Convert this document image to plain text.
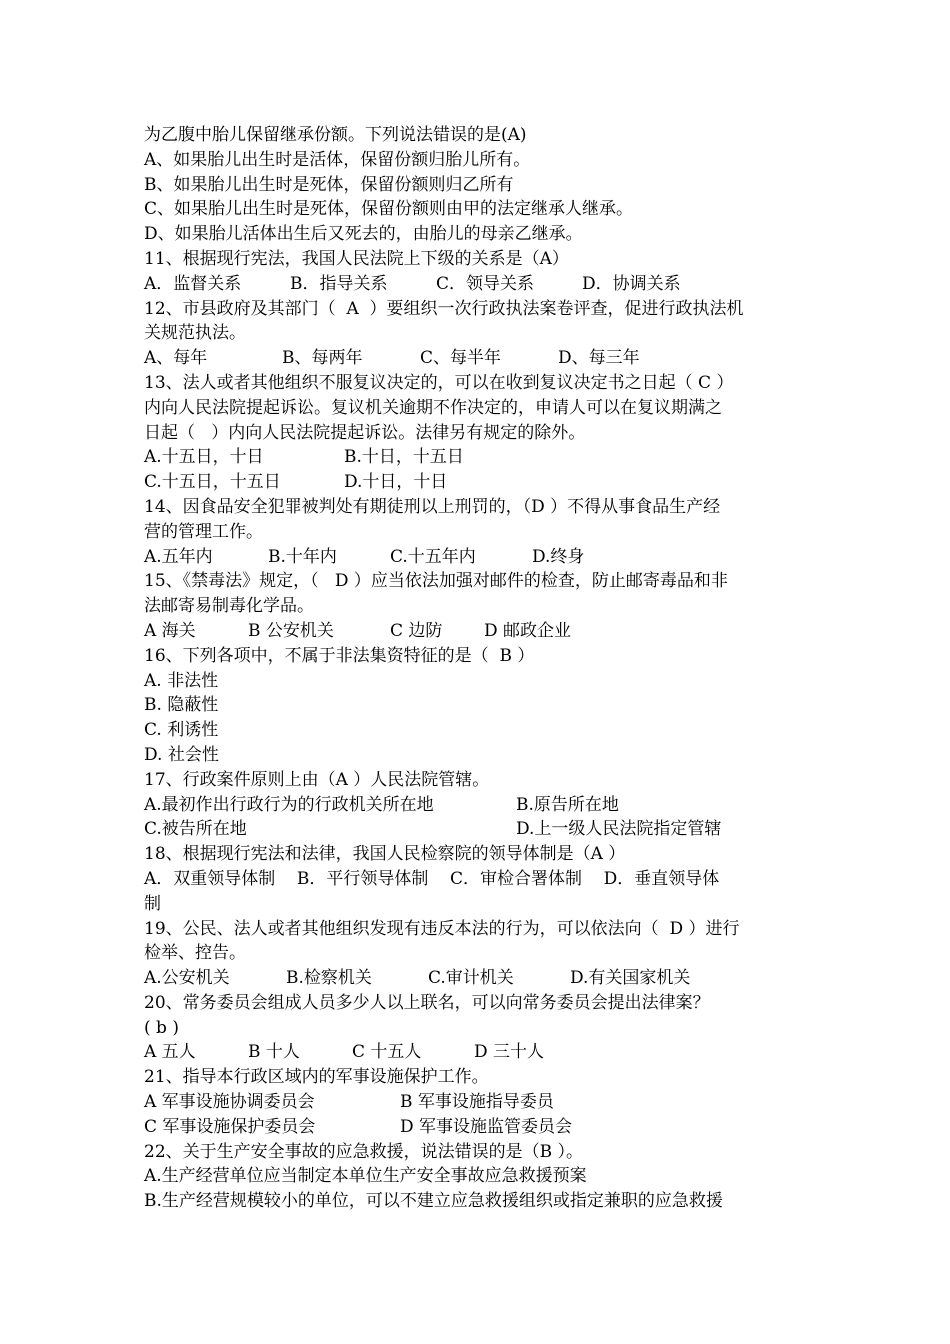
为乙腹中胎儿保留继承份额。下列说法错误的是(A)
A、如果胎儿出生时是活体，保留份额归胎儿所有。
B、如果胎儿出生时是死体，保留份额则归乙所有
C、如果胎儿出生时是死体，保留份额则由甲的法定继承人继承。
D、如果胎儿活体出生后又死去的，由胎儿的母亲乙继承。
11、根据现行宪法，我国人民法院上下级的关系是（A）
A．监督关系	B．指导关系	C．领导关系	D．协调关系
12、市县政府及其部门（  A  ）要组织一次行政执法案卷评查，促进行政执法机
关规范执法。
A、每年	B、每两年	C、每半年	D、每三年
13、法人或者其他组织不服复议决定的，可以在收到复议决定书之日起（ C ）
内向人民法院提起诉讼。复议机关逾期不作决定的，申请人可以在复议期满之
日起（   ）内向人民法院提起诉讼。法律另有规定的除外。
A.十五日，十日	B.十日，十五日
C.十五日，十五日	D.十日，十日
14、因食品安全犯罪被判处有期徒刑以上刑罚的，（D ）不得从事食品生产经
营的管理工作。
A.五年内	B.十年内	C.十五年内	D.终身
15、《禁毒法》规定，（   D ）应当依法加强对邮件的检查，防止邮寄毒品和非
法邮寄易制毒化学品。
A 海关	B 公安机关	C 边防	D 邮政企业
16、下列各项中，不属于非法集资特征的是（  B ）
A. 非法性
B. 隐蔽性
C. 利诱性
D. 社会性
17、行政案件原则上由（A ）人民法院管辖。
A.最初作出行政行为的行政机关所在地	B.原告所在地
C.被告所在地	D.上一级人民法院指定管辖
18、根据现行宪法和法律，我国人民检察院的领导体制是（A ）
A．双重领导体制    B．平行领导体制    C．审检合署体制    D．垂直领导体
制
19、公民、法人或者其他组织发现有违反本法的行为，可以依法向（  D ）进行
检举、控告。
A.公安机关	B.检察机关	C.审计机关	D.有关国家机关
20、常务委员会组成人员多少人以上联名，可以向常务委员会提出法律案？
( b )
A 五人	B 十人	C 十五人	D 三十人
21、指导本行政区域内的军事设施保护工作。
A 军事设施协调委员会	B 军事设施指导委员
C 军事设施保护委员会	D 军事设施监管委员会
22、关于生产安全事故的应急救援，说法错误的是（B ）。
A.生产经营单位应当制定本单位生产安全事故应急救援预案
B.生产经营规模较小的单位，可以不建立应急救援组织或指定兼职的应急救援
